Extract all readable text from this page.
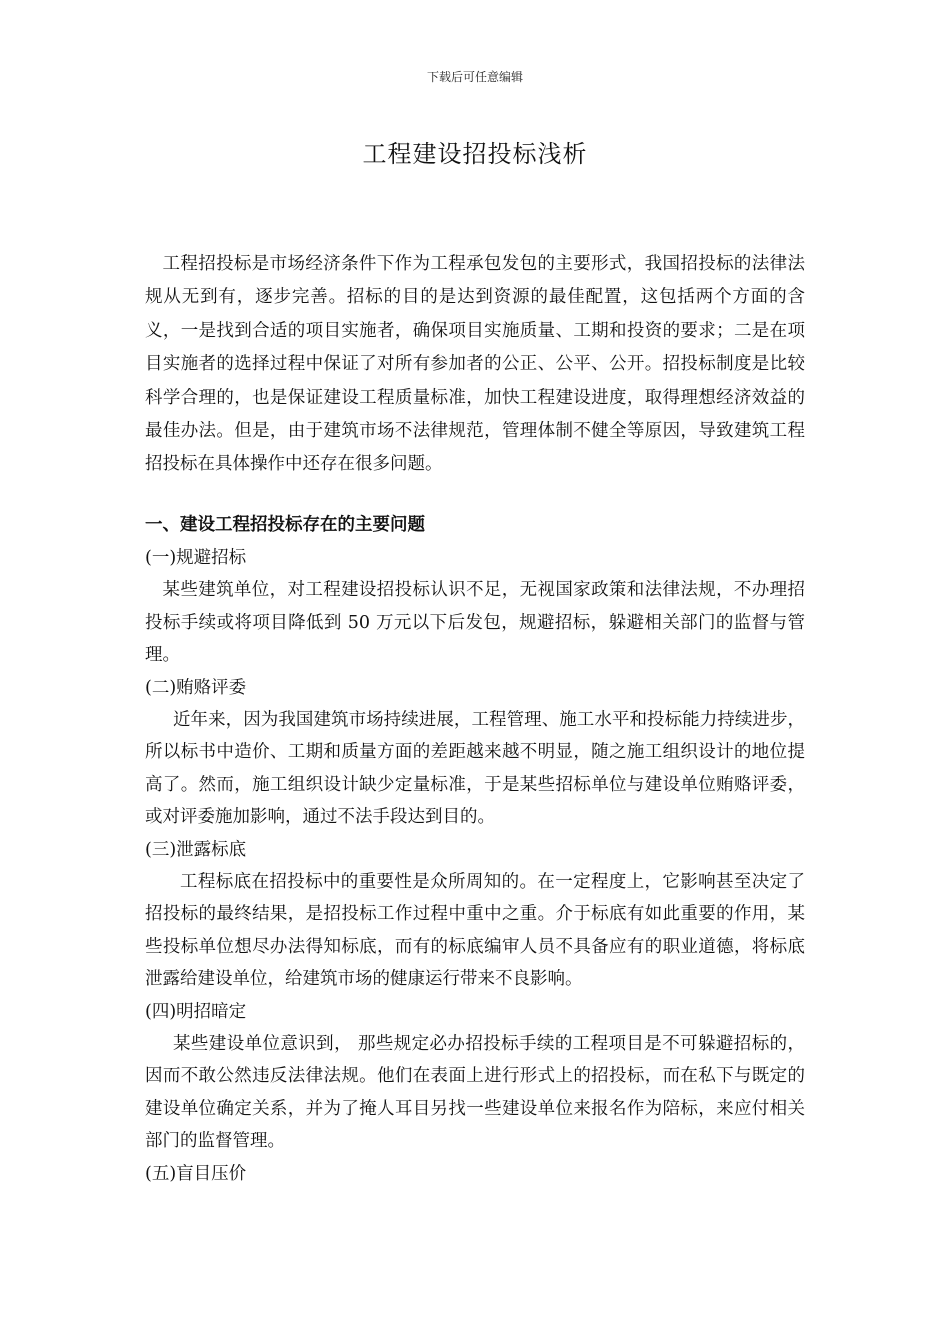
下载后可任意编辑
工程建设招投标浅析

工程招投标是市场经济条件下作为工程承包发包的主要形式，我国招投标的法律法规从无到有，逐步完善。招标的目的是达到资源的最佳配置，这包括两个方面的含义，一是找到合适的项目实施者，确保项目实施质量、工期和投资的要求；二是在项目实施者的选择过程中保证了对所有参加者的公正、公平、公开。招投标制度是比较科学合理的，也是保证建设工程质量标准，加快工程建设进度，取得理想经济效益的最佳办法。但是，由于建筑市场不法律规范，管理体制不健全等原因，导致建筑工程招投标在具体操作中还存在很多问题。

一、建设工程招投标存在的主要问题
(一)规避招标

某些建筑单位，对工程建设招投标认识不足，无视国家政策和法律法规，不办理招投标手续或将项目降低到 50 万元以下后发包，规避招标，躲避相关部门的监督与管理。

(二)贿赂评委

近年来，因为我国建筑市场持续进展，工程管理、施工水平和投标能力持续进步， 所以标书中造价、工期和质量方面的差距越来越不明显，随之施工组织设计的地位提高了。然而，施工组织设计缺少定量标准，于是某些招标单位与建设单位贿赂评委，或对评委施加影响，通过不法手段达到目的。

(三)泄露标底

工程标底在招投标中的重要性是众所周知的。在一定程度上，它影响甚至决定了招投标的最终结果，是招投标工作过程中重中之重。介于标底有如此重要的作用，某些投标单位想尽办法得知标底，而有的标底编审人员不具备应有的职业道德，将标底泄露给建设单位，给建筑市场的健康运行带来不良影响。

(四)明招暗定

某些建设单位意识到， 那些规定必办招投标手续的工程项目是不可躲避招标的，因而不敢公然违反法律法规。他们在表面上进行形式上的招投标，而在私下与既定的建设单位确定关系，并为了掩人耳目另找一些建设单位来报名作为陪标，来应付相关部门的监督管理。

(五)盲目压价
